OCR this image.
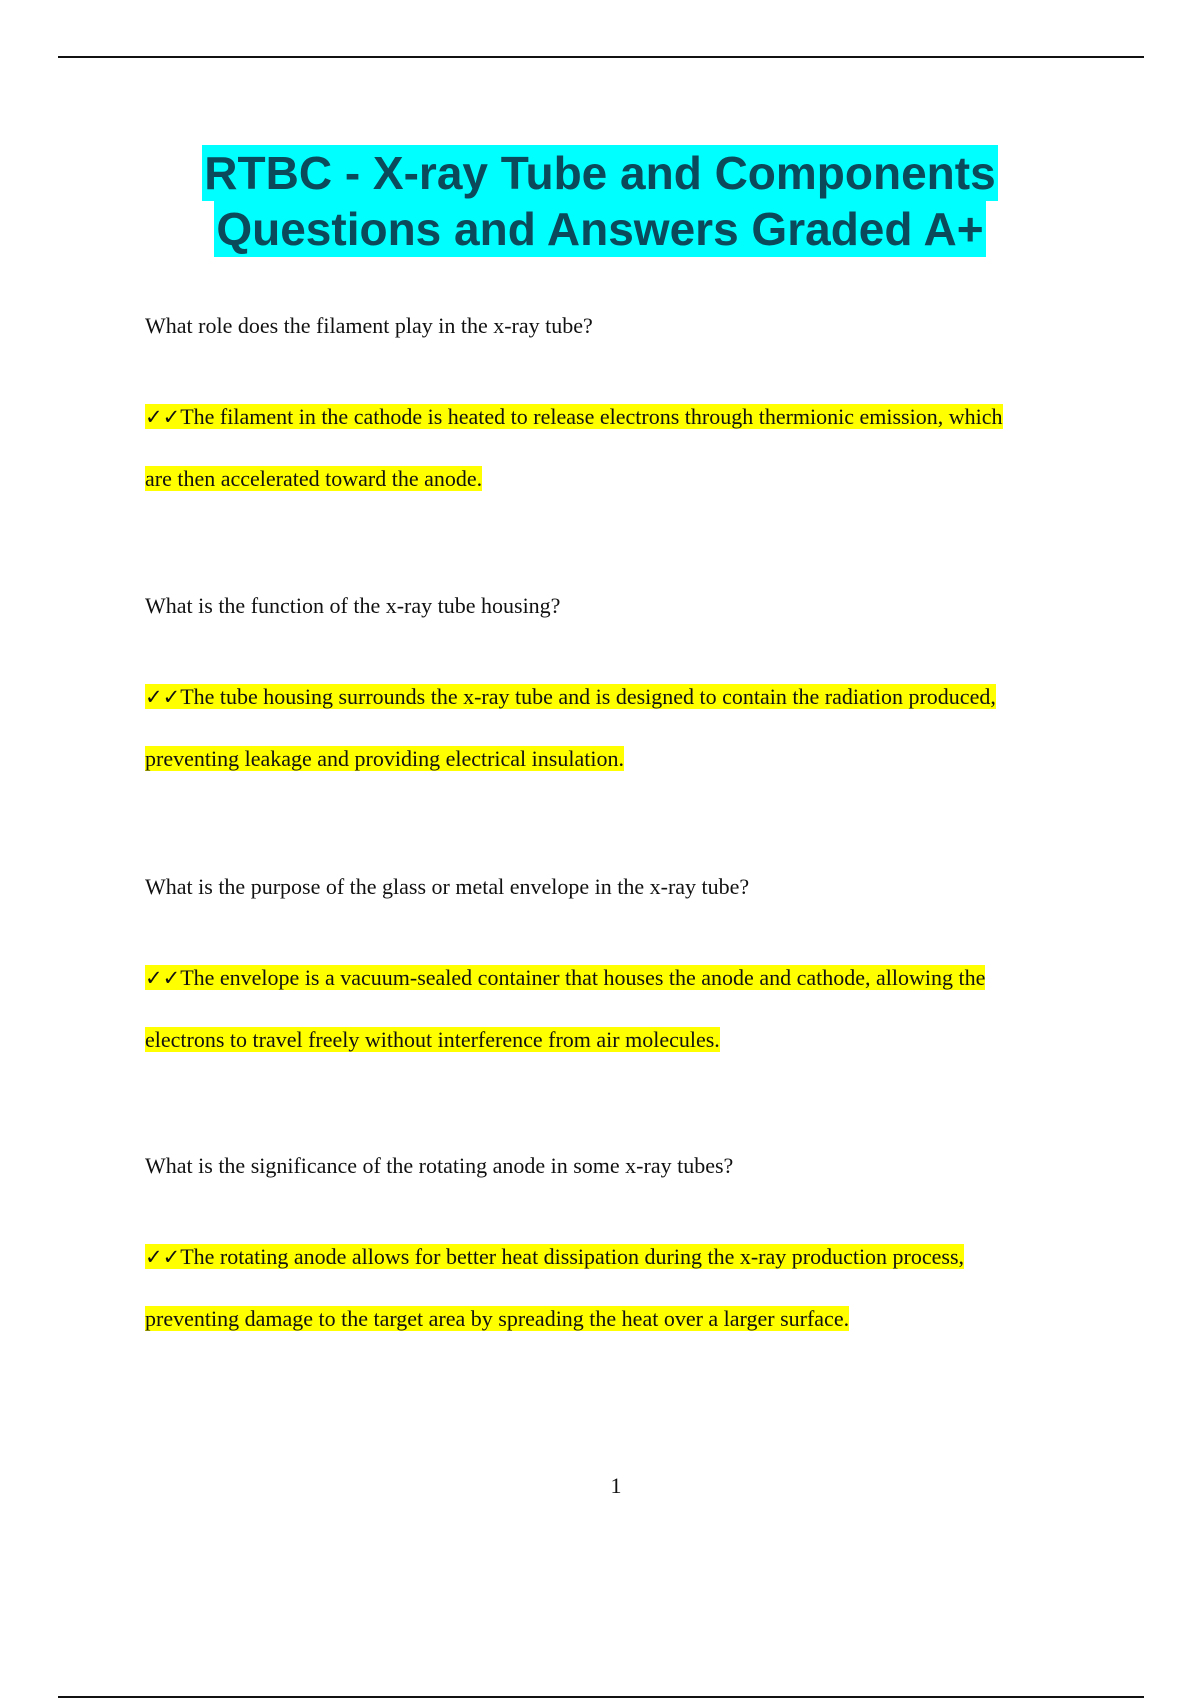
RTBC - X-ray Tube and Components
Questions and Answers Graded A+

What role does the filament play in the x-ray tube?

✓✓The filament in the cathode is heated to release electrons through thermionic emission, which
are then accelerated toward the anode.

What is the function of the x-ray tube housing?

✓✓The tube housing surrounds the x-ray tube and is designed to contain the radiation produced,
preventing leakage and providing electrical insulation.

What is the purpose of the glass or metal envelope in the x-ray tube?

✓✓The envelope is a vacuum-sealed container that houses the anode and cathode, allowing the
electrons to travel freely without interference from air molecules.

What is the significance of the rotating anode in some x-ray tubes?

✓✓The rotating anode allows for better heat dissipation during the x-ray production process,
preventing damage to the target area by spreading the heat over a larger surface.
1
